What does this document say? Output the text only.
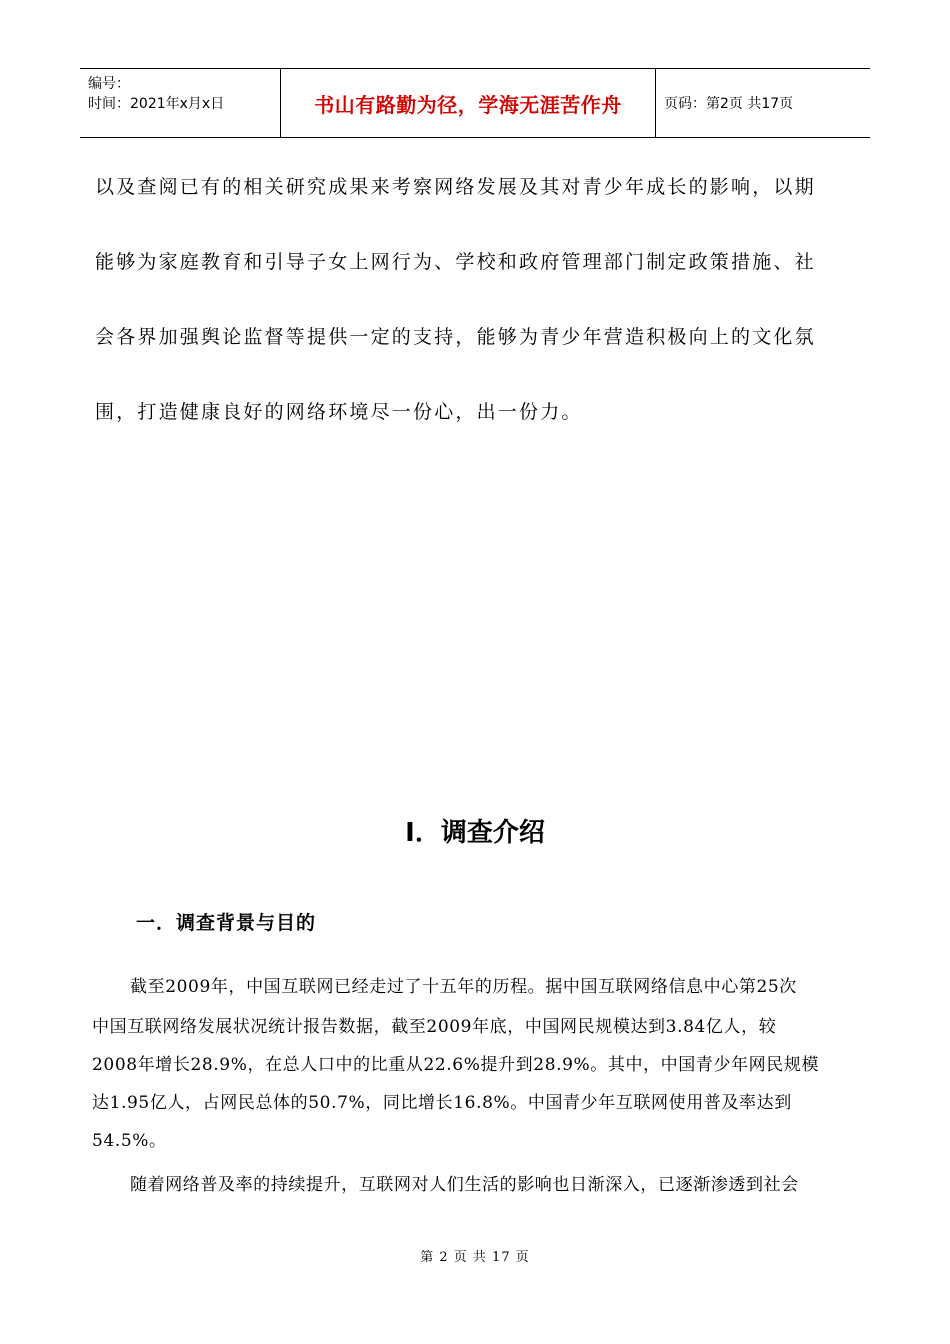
编号：
时间：2021年x月x日	书山有路勤为径，学海无涯苦作舟	页码：第2页 共17页

以及查阅已有的相关研究成果来考察网络发展及其对青少年成长的影响，以期

能够为家庭教育和引导子女上网行为、学校和政府管理部门制定政策措施、社

会各界加强舆论监督等提供一定的支持，能够为青少年营造积极向上的文化氛

围，打造健康良好的网络环境尽一份心，出一份力。

Ⅰ．调查介绍
一．调查背景与目的

截至2009年，中国互联网已经走过了十五年的历程。据中国互联网络信息中心第25次

中国互联网络发展状况统计报告数据，截至2009年底，中国网民规模达到3.84亿人，较

2008年增长28.9%，在总人口中的比重从22.6%提升到28.9%。其中，中国青少年网民规模

达1.95亿人，占网民总体的50.7%，同比增长16.8%。中国青少年互联网使用普及率达到

54.5%。

随着网络普及率的持续提升，互联网对人们生活的影响也日渐深入，已逐渐渗透到社会

第 2 页 共 17 页
